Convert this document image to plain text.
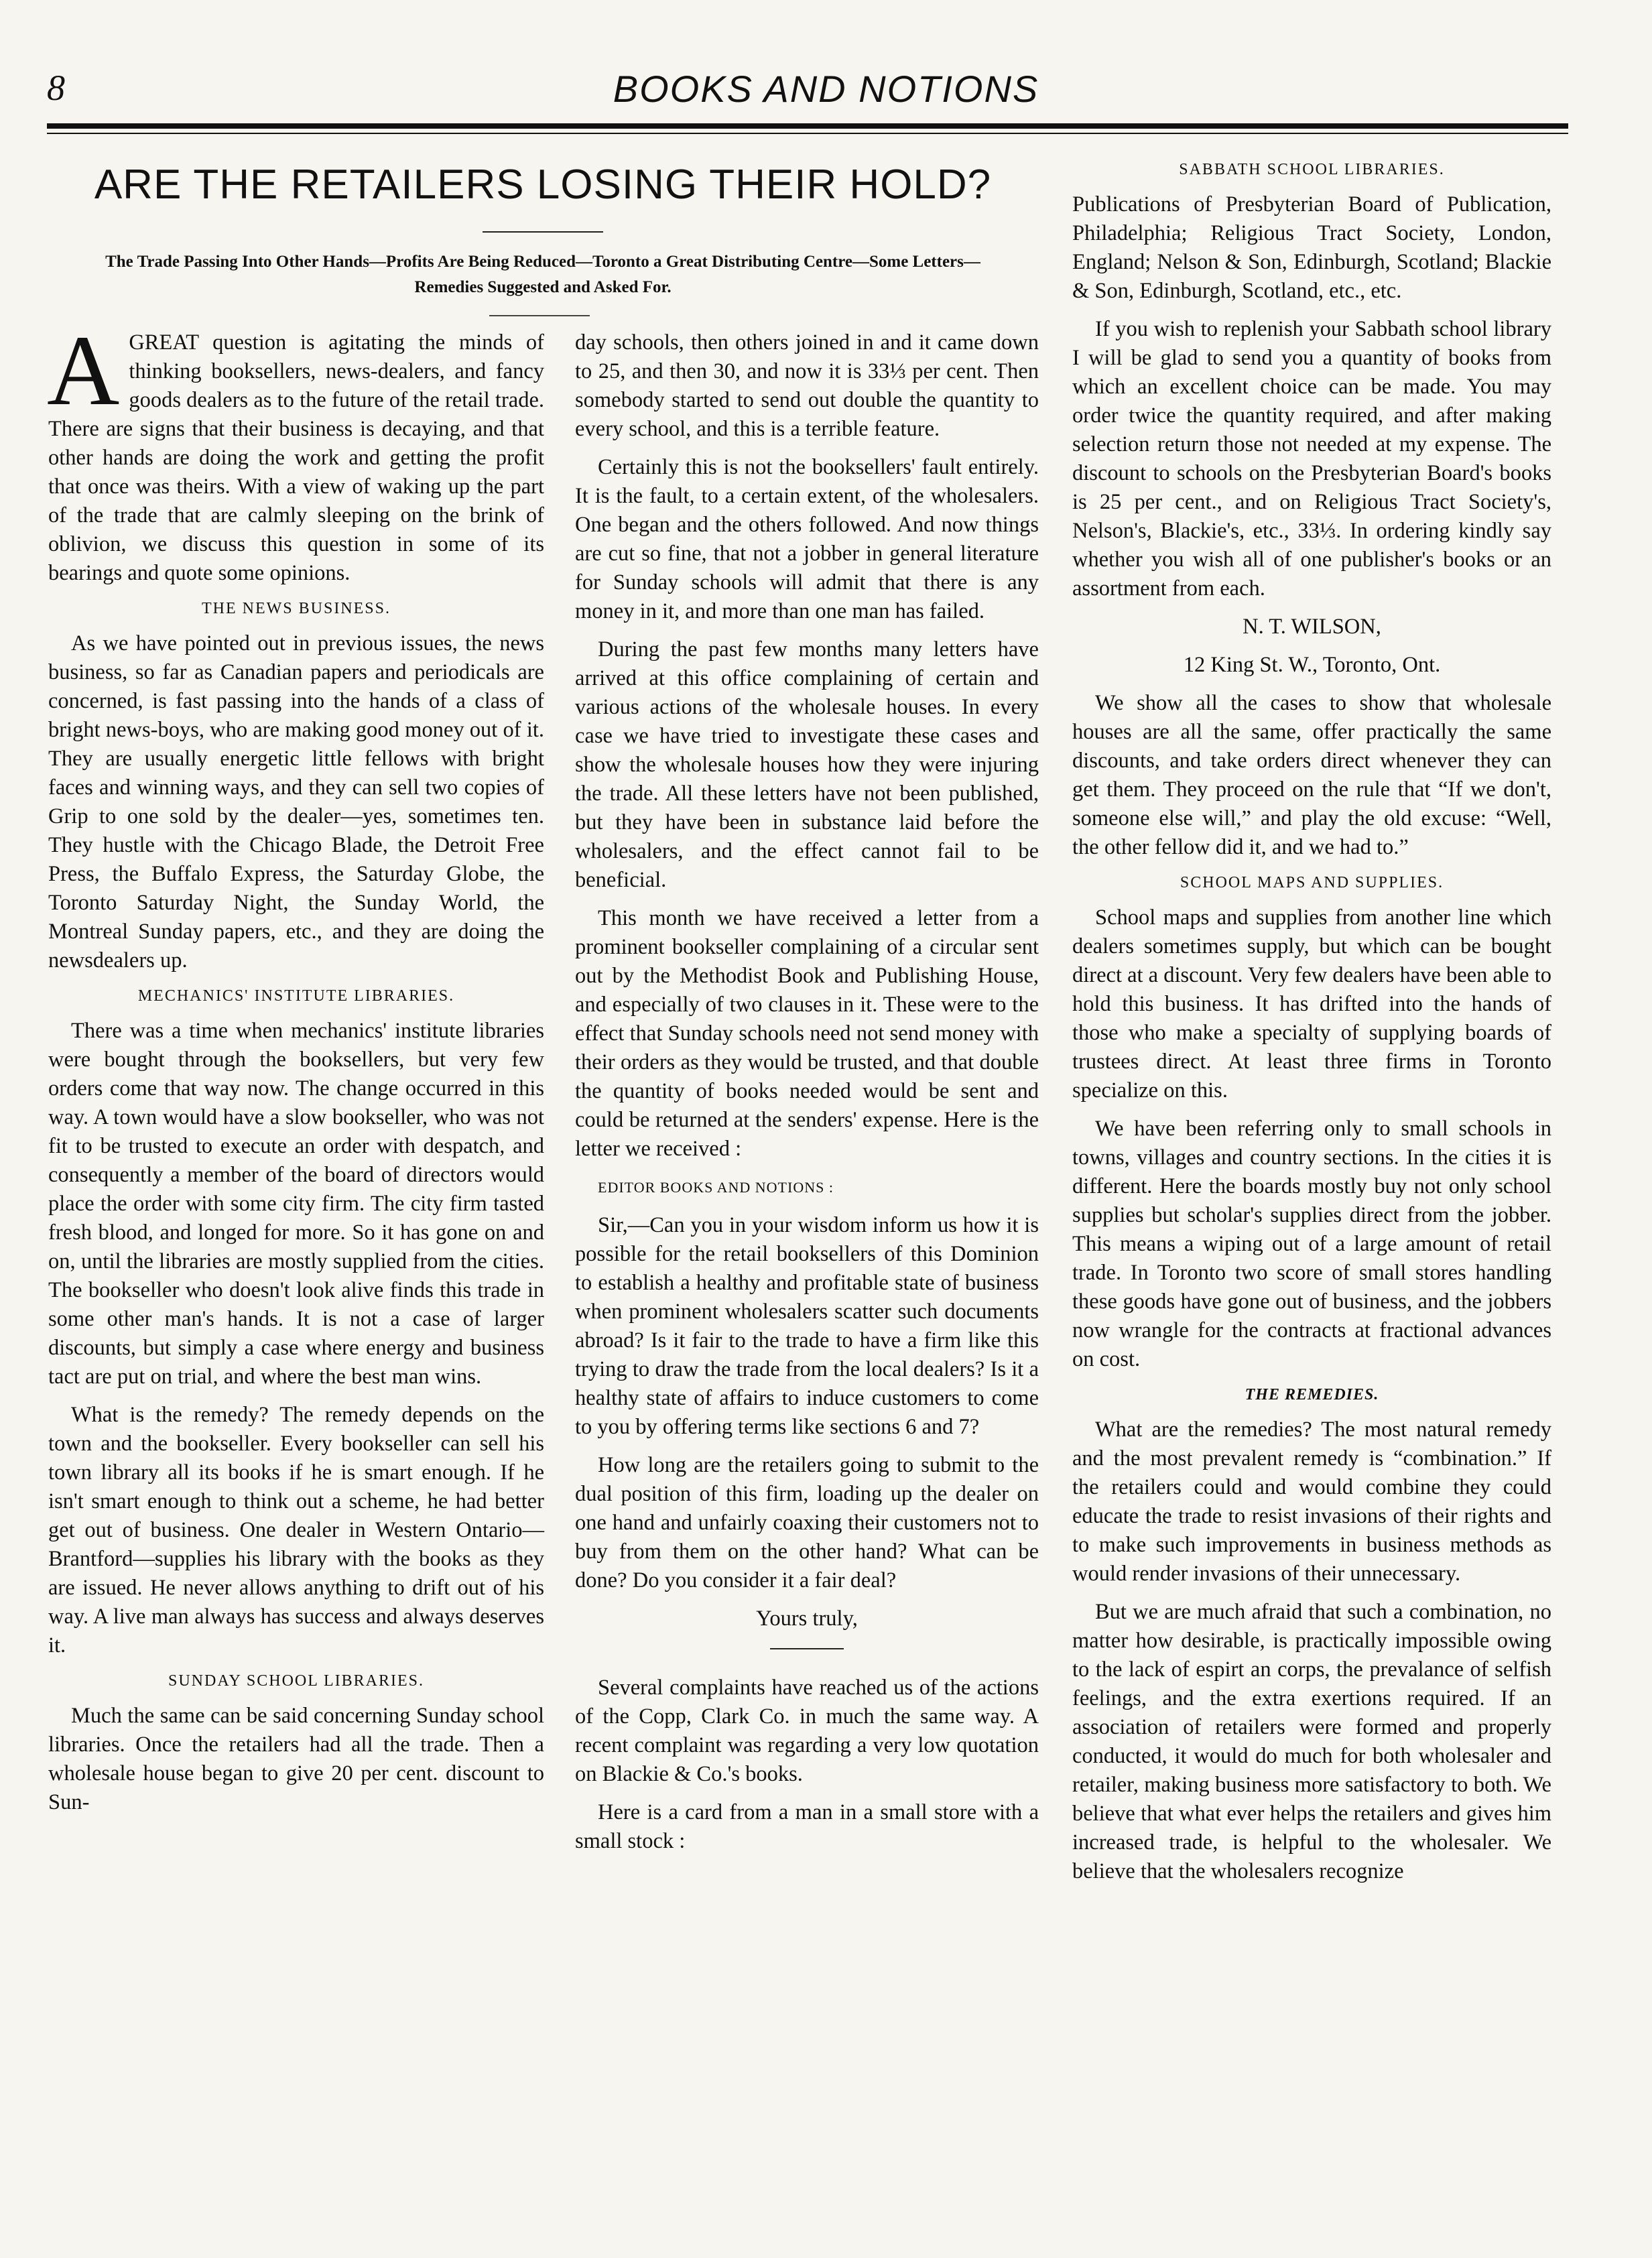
8	BOOKS AND NOTIONS
ARE THE RETAILERS LOSING THEIR HOLD?
The Trade Passing Into Other Hands—Profits Are Being Reduced—Toronto a Great Distributing Centre—Some Letters—Remedies Suggested and Asked For.

AGREAT question is agitating the minds of thinking booksellers, news-dealers, and fancy goods dealers as to the future of the retail trade. There are signs that their business is decaying, and that other hands are doing the work and getting the profit that once was theirs. With a view of waking up the part of the trade that are calmly sleeping on the brink of oblivion, we discuss this question in some of its bearings and quote some opinions.

THE NEWS BUSINESS.

As we have pointed out in previous issues, the news business, so far as Canadian papers and periodicals are concerned, is fast passing into the hands of a class of bright news-boys, who are making good money out of it. They are usually energetic little fellows with bright faces and winning ways, and they can sell two copies of Grip to one sold by the dealer—yes, sometimes ten. They hustle with the Chicago Blade, the Detroit Free Press, the Buffalo Express, the Saturday Globe, the Toronto Saturday Night, the Sunday World, the Montreal Sunday papers, etc., and they are doing the newsdealers up.

MECHANICS' INSTITUTE LIBRARIES.

There was a time when mechanics' institute libraries were bought through the booksellers, but very few orders come that way now. The change occurred in this way. A town would have a slow bookseller, who was not fit to be trusted to execute an order with despatch, and consequently a member of the board of directors would place the order with some city firm. The city firm tasted fresh blood, and longed for more. So it has gone on and on, until the libraries are mostly supplied from the cities. The bookseller who doesn't look alive finds this trade in some other man's hands. It is not a case of larger discounts, but simply a case where energy and business tact are put on trial, and where the best man wins.

What is the remedy? The remedy depends on the town and the bookseller. Every bookseller can sell his town library all its books if he is smart enough. If he isn't smart enough to think out a scheme, he had better get out of business. One dealer in Western Ontario—Brantford—supplies his library with the books as they are issued. He never allows anything to drift out of his way. A live man always has success and always deserves it.

SUNDAY SCHOOL LIBRARIES.

Much the same can be said concerning Sunday school libraries. Once the retailers had all the trade. Then a wholesale house began to give 20 per cent. discount to Sun-

day schools, then others joined in and it came down to 25, and then 30, and now it is 33⅓ per cent. Then somebody started to send out double the quantity to every school, and this is a terrible feature.

Certainly this is not the booksellers' fault entirely. It is the fault, to a certain extent, of the wholesalers. One began and the others followed. And now things are cut so fine, that not a jobber in general literature for Sunday schools will admit that there is any money in it, and more than one man has failed.

During the past few months many letters have arrived at this office complaining of certain and various actions of the wholesale houses. In every case we have tried to investigate these cases and show the wholesale houses how they were injuring the trade. All these letters have not been published, but they have been in substance laid before the wholesalers, and the effect cannot fail to be beneficial.

This month we have received a letter from a prominent bookseller complaining of a circular sent out by the Methodist Book and Publishing House, and especially of two clauses in it. These were to the effect that Sunday schools need not send money with their orders as they would be trusted, and that double the quantity of books needed would be sent and could be returned at the senders' expense. Here is the letter we received :

EDITOR BOOKS AND NOTIONS :

Sir,—Can you in your wisdom inform us how it is possible for the retail booksellers of this Dominion to establish a healthy and profitable state of business when prominent wholesalers scatter such documents abroad? Is it fair to the trade to have a firm like this trying to draw the trade from the local dealers? Is it a healthy state of affairs to induce customers to come to you by offering terms like sections 6 and 7?

How long are the retailers going to submit to the dual position of this firm, loading up the dealer on one hand and unfairly coaxing their customers not to buy from them on the other hand? What can be done? Do you consider it a fair deal?

Yours truly,

Several complaints have reached us of the actions of the Copp, Clark Co. in much the same way. A recent complaint was regarding a very low quotation on Blackie & Co.'s books.

Here is a card from a man in a small store with a small stock :

SABBATH SCHOOL LIBRARIES.

Publications of Presbyterian Board of Publication, Philadelphia; Religious Tract Society, London, England; Nelson & Son, Edinburgh, Scotland; Blackie & Son, Edinburgh, Scotland, etc., etc.

If you wish to replenish your Sabbath school library I will be glad to send you a quantity of books from which an excellent choice can be made. You may order twice the quantity required, and after making selection return those not needed at my expense. The discount to schools on the Presbyterian Board's books is 25 per cent., and on Religious Tract Society's, Nelson's, Blackie's, etc., 33⅓. In ordering kindly say whether you wish all of one publisher's books or an assortment from each.

N. T. WILSON,

12 King St. W., Toronto, Ont.

We show all the cases to show that wholesale houses are all the same, offer practically the same discounts, and take orders direct whenever they can get them. They proceed on the rule that “If we don't, someone else will,” and play the old excuse: “Well, the other fellow did it, and we had to.”

SCHOOL MAPS AND SUPPLIES.

School maps and supplies from another line which dealers sometimes supply, but which can be bought direct at a discount. Very few dealers have been able to hold this business. It has drifted into the hands of those who make a specialty of supplying boards of trustees direct. At least three firms in Toronto specialize on this.

We have been referring only to small schools in towns, villages and country sections. In the cities it is different. Here the boards mostly buy not only school supplies but scholar's supplies direct from the jobber. This means a wiping out of a large amount of retail trade. In Toronto two score of small stores handling these goods have gone out of business, and the jobbers now wrangle for the contracts at fractional advances on cost.

THE REMEDIES.

What are the remedies? The most natural remedy and the most prevalent remedy is “combination.” If the retailers could and would combine they could educate the trade to resist invasions of their rights and to make such improvements in business methods as would render invasions of their unnecessary.

But we are much afraid that such a combination, no matter how desirable, is practically impossible owing to the lack of espirt an corps, the prevalance of selfish feelings, and the extra exertions required. If an association of retailers were formed and properly conducted, it would do much for both wholesaler and retailer, making business more satisfactory to both. We believe that what ever helps the retailers and gives him increased trade, is helpful to the wholesaler. We believe that the wholesalers recognize
